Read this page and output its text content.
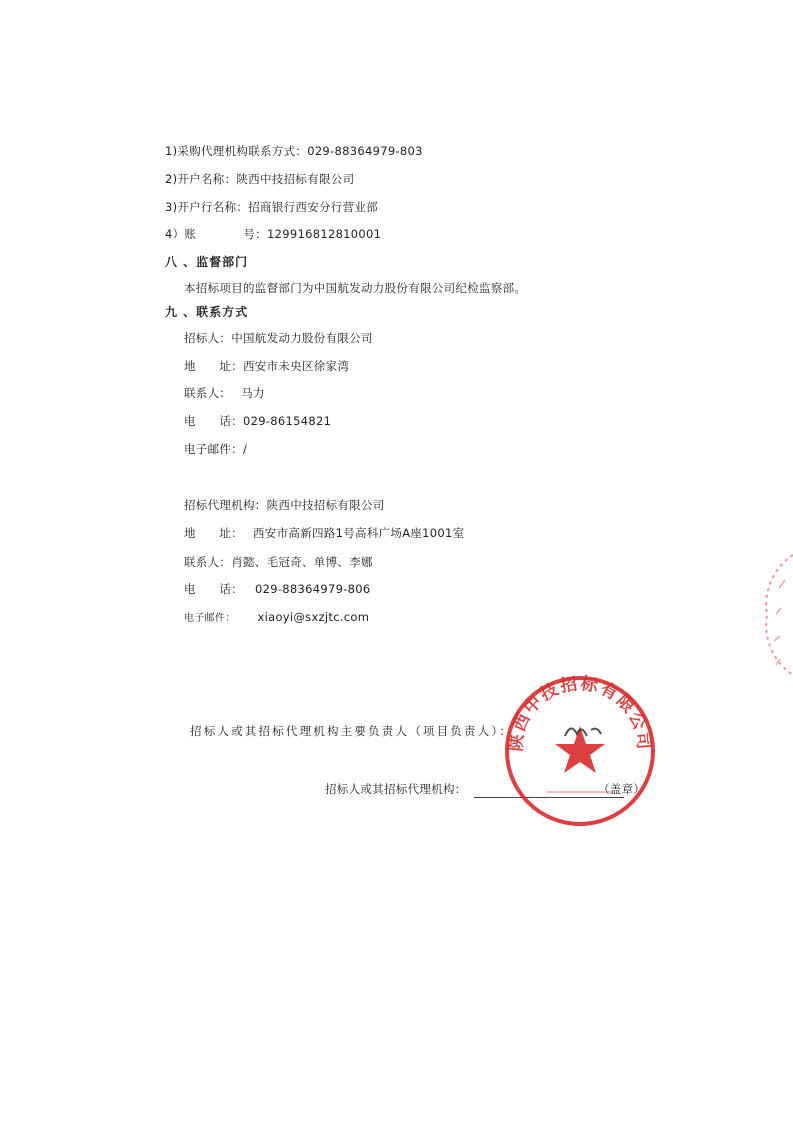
1)采购代理机构联系方式：029-88364979-803
2)开户名称：陕西中技招标有限公司
3)开户行名称：招商银行西安分行营业部
4）账　　　　号：129916812810001
八 、监督部门
本招标项目的监督部门为中国航发动力股份有限公司纪检监察部。
九 、联系方式
招标人：中国航发动力股份有限公司
地　　址：西安市未央区徐家湾
联系人： 马力
电　　话：029-86154821
电子邮件：/
招标代理机构：陕西中技招标有限公司
地　　址： 西安市高新四路1号高科广场A座1001室
联系人：肖懿、毛冠奇、单博、李娜
电　　话： 029-88364979-806
电子邮件： xiaoyi@sxzjtc.com
招标人或其招标代理机构主要负责人（项目负责人）：
招标人或其招标代理机构：	（盖章）
陕西中技招标有限公司
